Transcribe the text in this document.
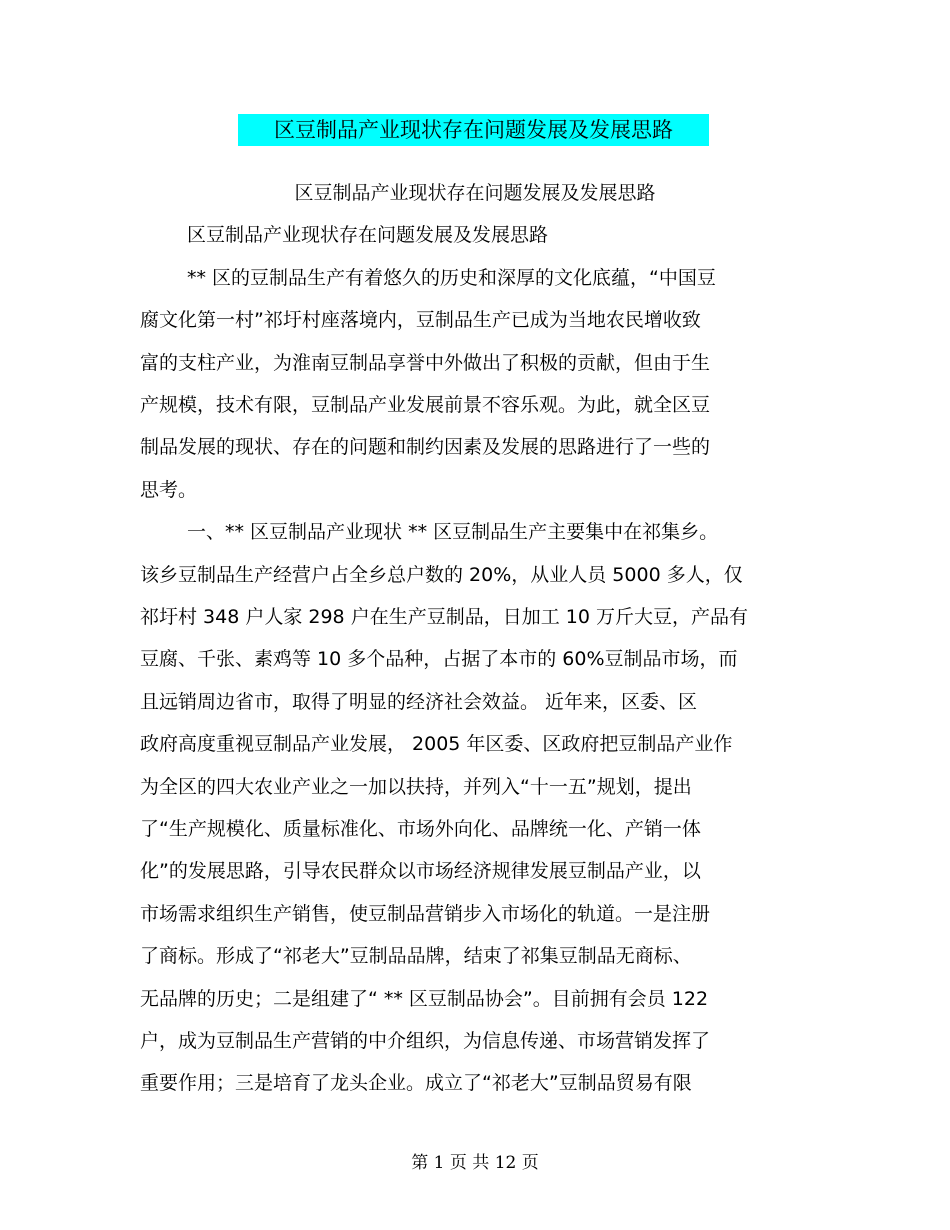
区豆制品产业现状存在问题发展及发展思路
区豆制品产业现状存在问题发展及发展思路
区豆制品产业现状存在问题发展及发展思路
** 区的豆制品生产有着悠久的历史和深厚的文化底蕴，“中国豆
腐文化第一村”祁圩村座落境内，豆制品生产已成为当地农民增收致
富的支柱产业，为淮南豆制品享誉中外做出了积极的贡献，但由于生
产规模，技术有限，豆制品产业发展前景不容乐观。为此，就全区豆
制品发展的现状、存在的问题和制约因素及发展的思路进行了一些的
思考。
一、** 区豆制品产业现状 ** 区豆制品生产主要集中在祁集乡。
该乡豆制品生产经营户占全乡总户数的 20%，从业人员 5000 多人，仅
祁圩村 348 户人家 298 户在生产豆制品，日加工 10 万斤大豆，产品有
豆腐、千张、素鸡等 10 多个品种，占据了本市的 60%豆制品市场，而
且远销周边省市，取得了明显的经济社会效益。 近年来，区委、区
政府高度重视豆制品产业发展， 2005 年区委、区政府把豆制品产业作
为全区的四大农业产业之一加以扶持，并列入“十一五”规划，提出
了“生产规模化、质量标准化、市场外向化、品牌统一化、产销一体
化”的发展思路，引导农民群众以市场经济规律发展豆制品产业，以
市场需求组织生产销售，使豆制品营销步入市场化的轨道。一是注册
了商标。形成了“祁老大”豆制品品牌，结束了祁集豆制品无商标、
无品牌的历史；二是组建了“ ** 区豆制品协会”。目前拥有会员 122
户，成为豆制品生产营销的中介组织，为信息传递、市场营销发挥了
重要作用；三是培育了龙头企业。成立了“祁老大”豆制品贸易有限
第 1 页 共 12 页
